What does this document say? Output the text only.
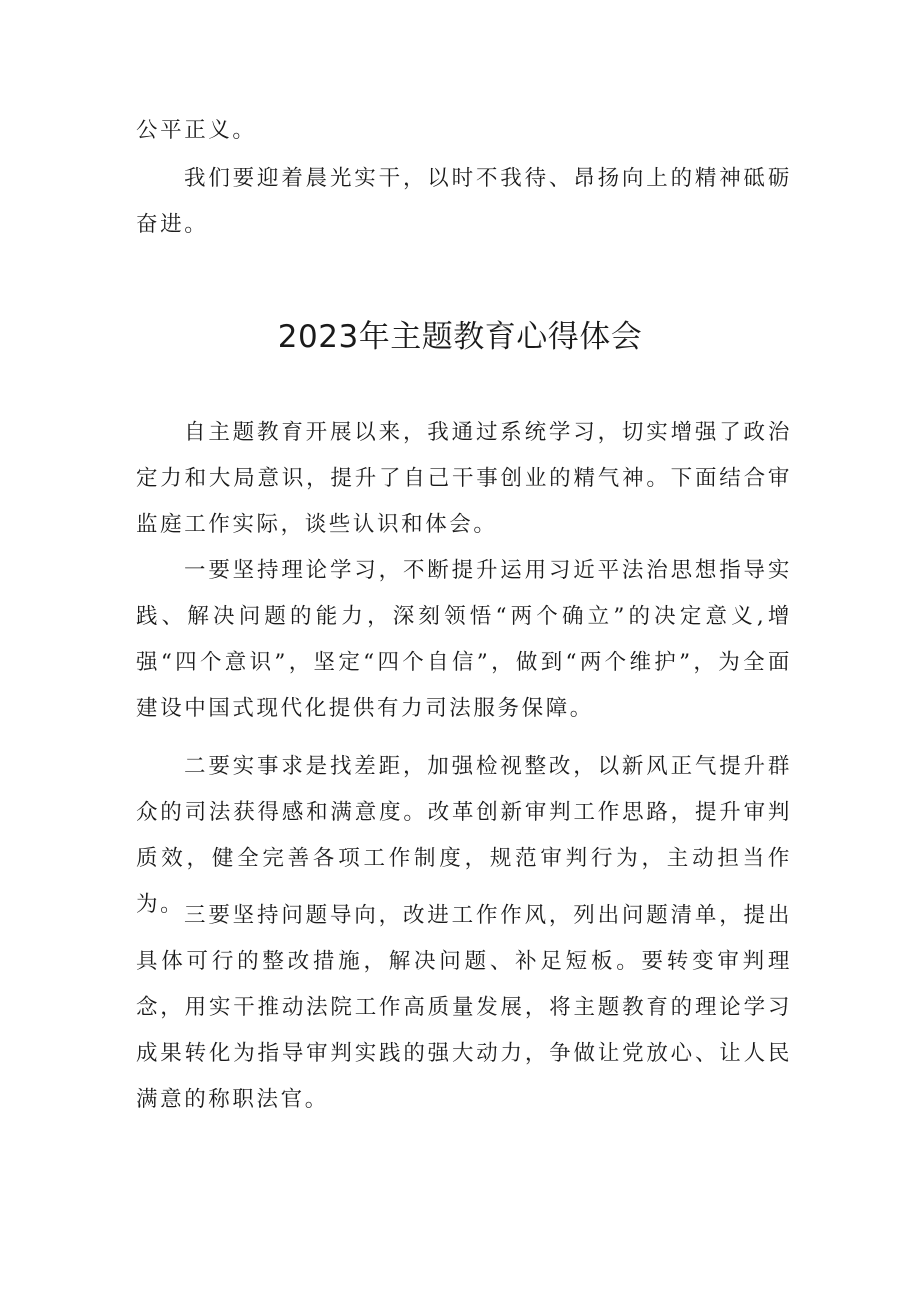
公平正义。

我们要迎着晨光实干，以时不我待、昂扬向上的精神砥砺奋进。

2023年主题教育心得体会

自主题教育开展以来，我通过系统学习，切实增强了政治定力和大局意识，提升了自己干事创业的精气神。下面结合审监庭工作实际，谈些认识和体会。

一要坚持理论学习，不断提升运用习近平法治思想指导实践、解决问题的能力，深刻领悟“两个确立”的决定意义,增强“四个意识”，坚定“四个自信”，做到“两个维护”，为全面建设中国式现代化提供有力司法服务保障。

二要实事求是找差距，加强检视整改，以新风正气提升群众的司法获得感和满意度。改革创新审判工作思路，提升审判质效，健全完善各项工作制度，规范审判行为，主动担当作为。 三要坚持问题导向，改进工作作风，列出问题清单，提出具体可行的整改措施，解决问题、补足短板。要转变审判理念，用实干推动法院工作高质量发展，将主题教育的理论学习成果转化为指导审判实践的强大动力，争做让党放心、让人民满意的称职法官。
